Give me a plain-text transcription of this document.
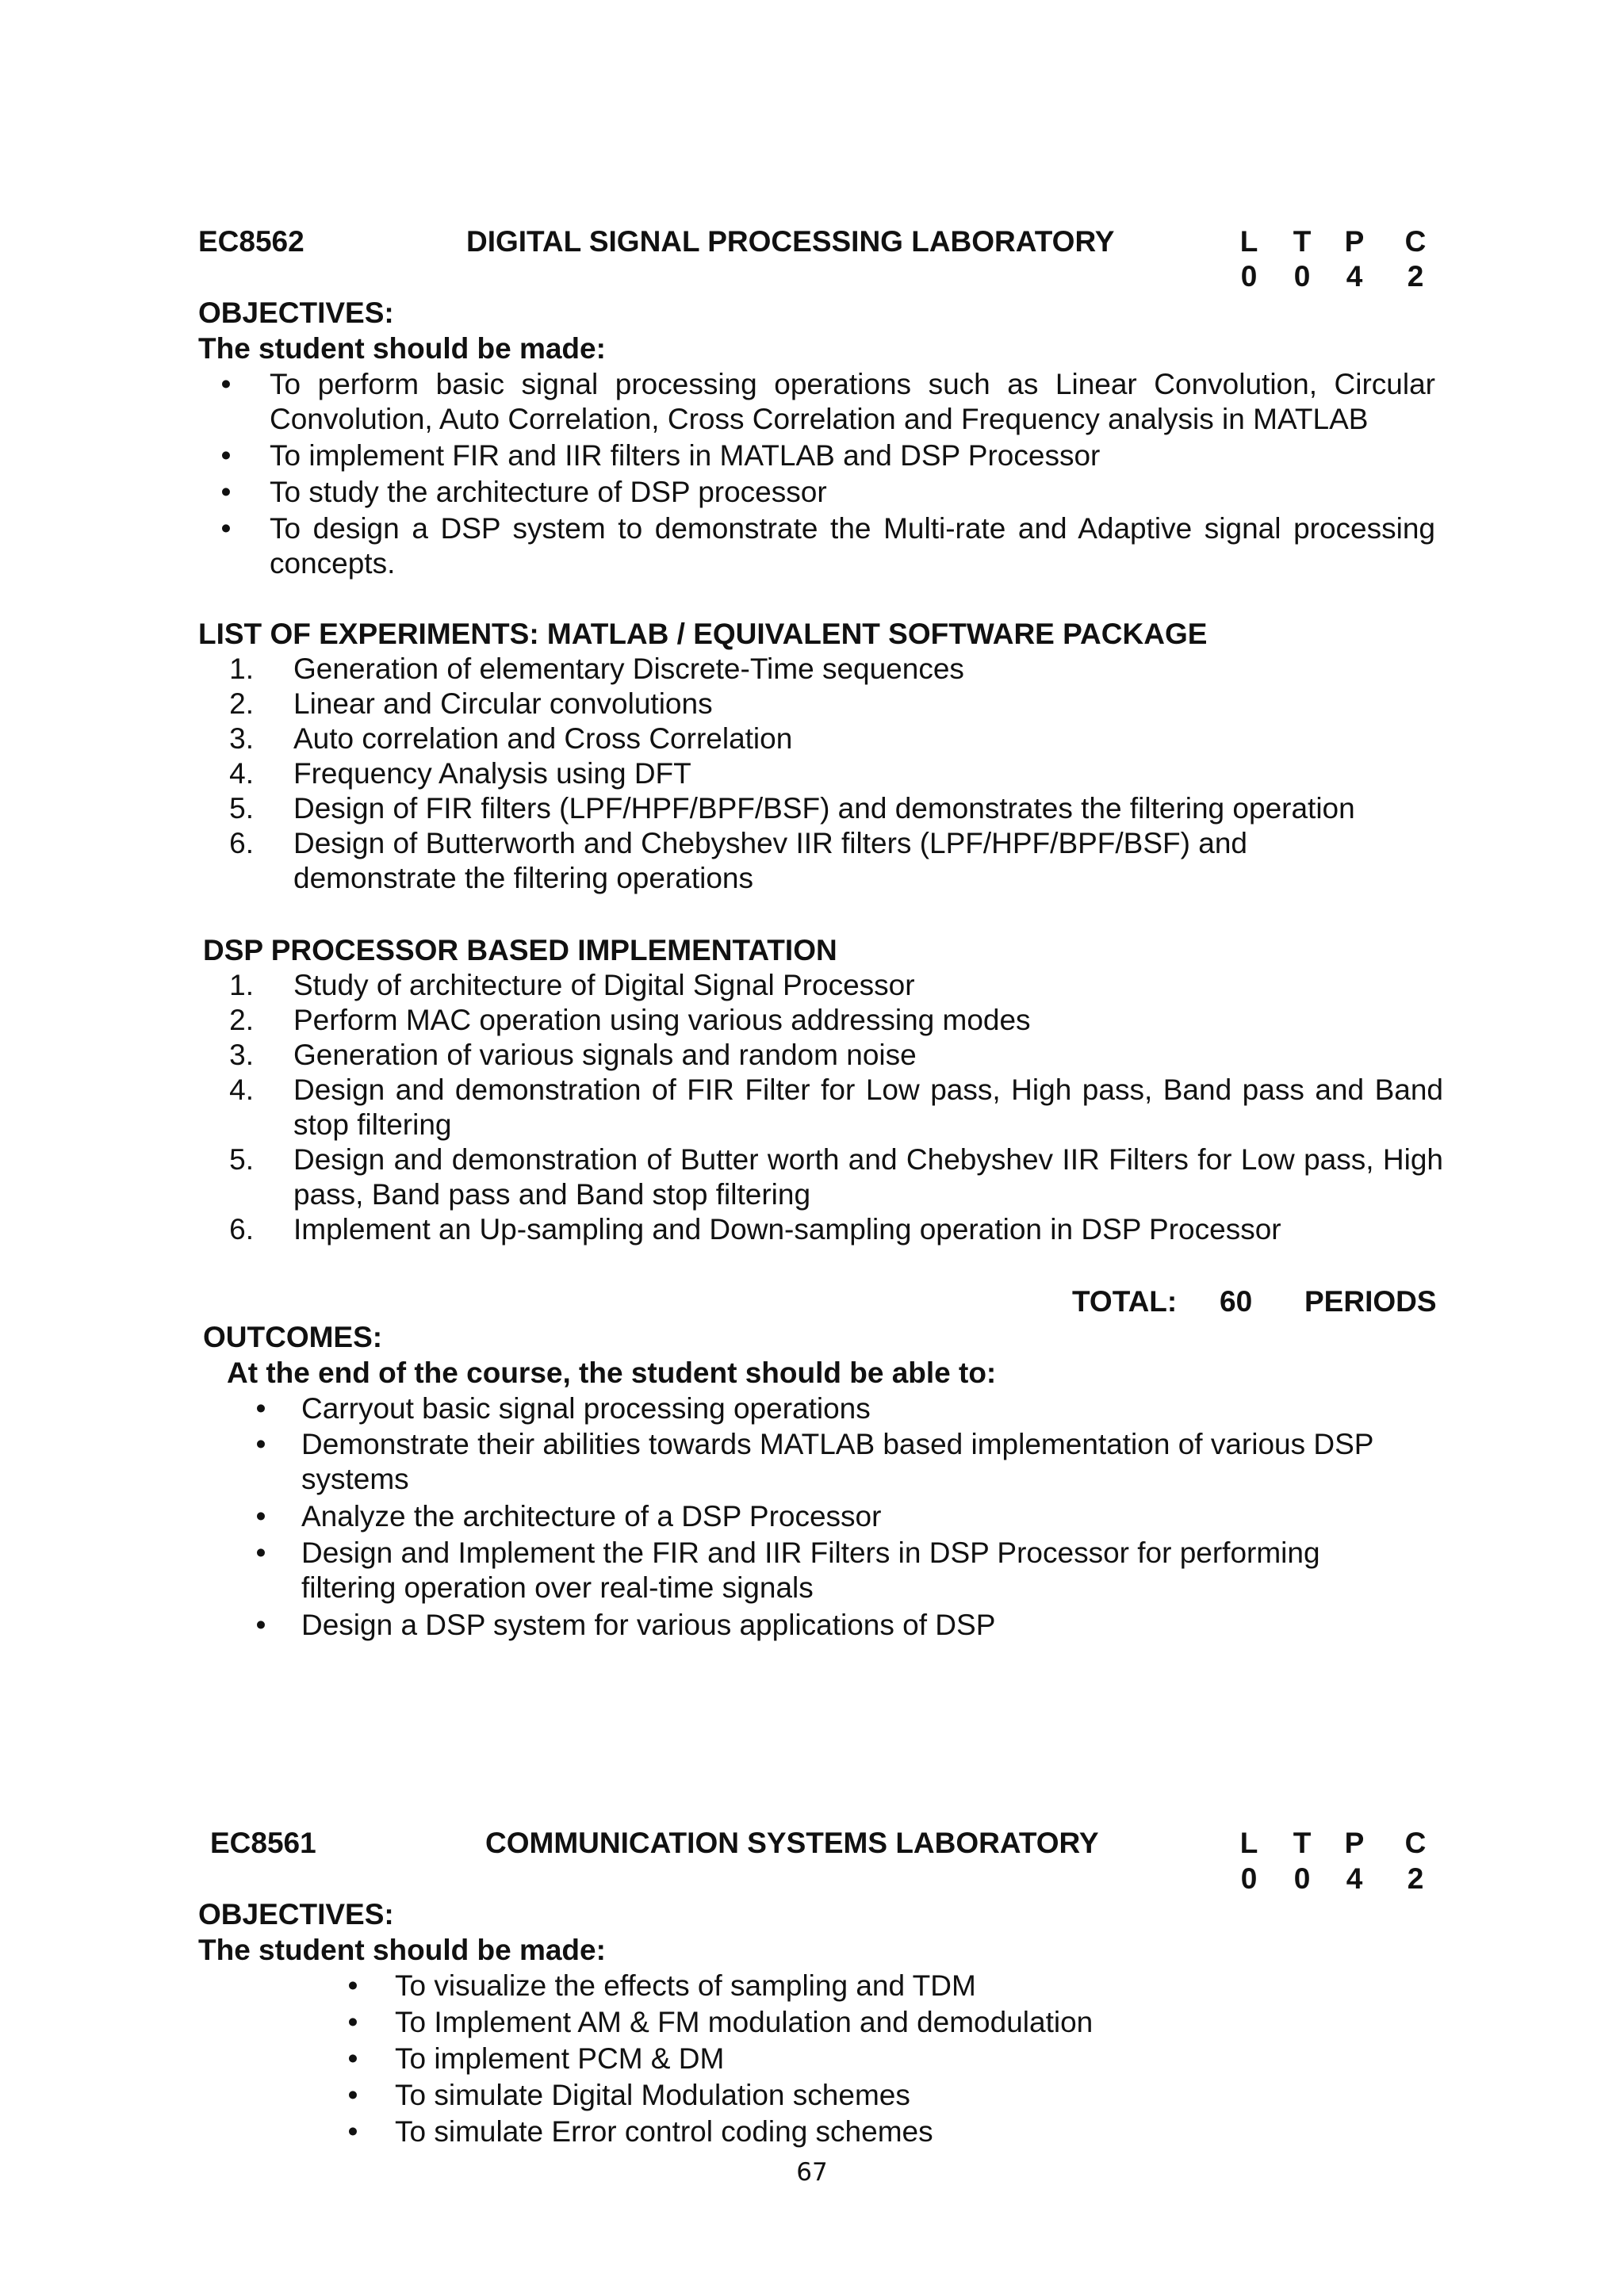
EC8562	DIGITAL SIGNAL PROCESSING LABORATORY	L T P C
0 0 4 2
OBJECTIVES:
The student should be made:
• To perform basic signal processing operations such as Linear Convolution, Circular Convolution, Auto Correlation, Cross Correlation and Frequency analysis in MATLAB
• To implement FIR and IIR filters in MATLAB and DSP Processor
• To study the architecture of DSP processor
• To design a DSP system to demonstrate the Multi-rate and Adaptive signal processing concepts.
LIST OF EXPERIMENTS: MATLAB / EQUIVALENT SOFTWARE PACKAGE
1. Generation of elementary Discrete-Time sequences
2. Linear and Circular convolutions
3. Auto correlation and Cross Correlation
4. Frequency Analysis using DFT
5. Design of FIR filters (LPF/HPF/BPF/BSF) and demonstrates the filtering operation
6. Design of Butterworth and Chebyshev IIR filters (LPF/HPF/BPF/BSF) and demonstrate the filtering operations
DSP PROCESSOR BASED IMPLEMENTATION
1. Study of architecture of Digital Signal Processor
2. Perform MAC operation using various addressing modes
3. Generation of various signals and random noise
4. Design and demonstration of FIR Filter for Low pass, High pass, Band pass and Band stop filtering
5. Design and demonstration of Butter worth and Chebyshev IIR Filters for Low pass, High pass, Band pass and Band stop filtering
6. Implement an Up-sampling and Down-sampling operation in DSP Processor
TOTAL: 60 PERIODS
OUTCOMES:
At the end of the course, the student should be able to:
• Carryout basic signal processing operations
• Demonstrate their abilities towards MATLAB based implementation of various DSP systems
• Analyze the architecture of a DSP Processor
• Design and Implement the FIR and IIR Filters in DSP Processor for performing filtering operation over real-time signals
• Design a DSP system for various applications of DSP
EC8561	COMMUNICATION SYSTEMS LABORATORY	L T P C
0 0 4 2
OBJECTIVES:
The student should be made:
• To visualize the effects of sampling and TDM
• To Implement AM & FM modulation and demodulation
• To implement PCM & DM
• To simulate Digital Modulation schemes
• To simulate Error control coding schemes
67
